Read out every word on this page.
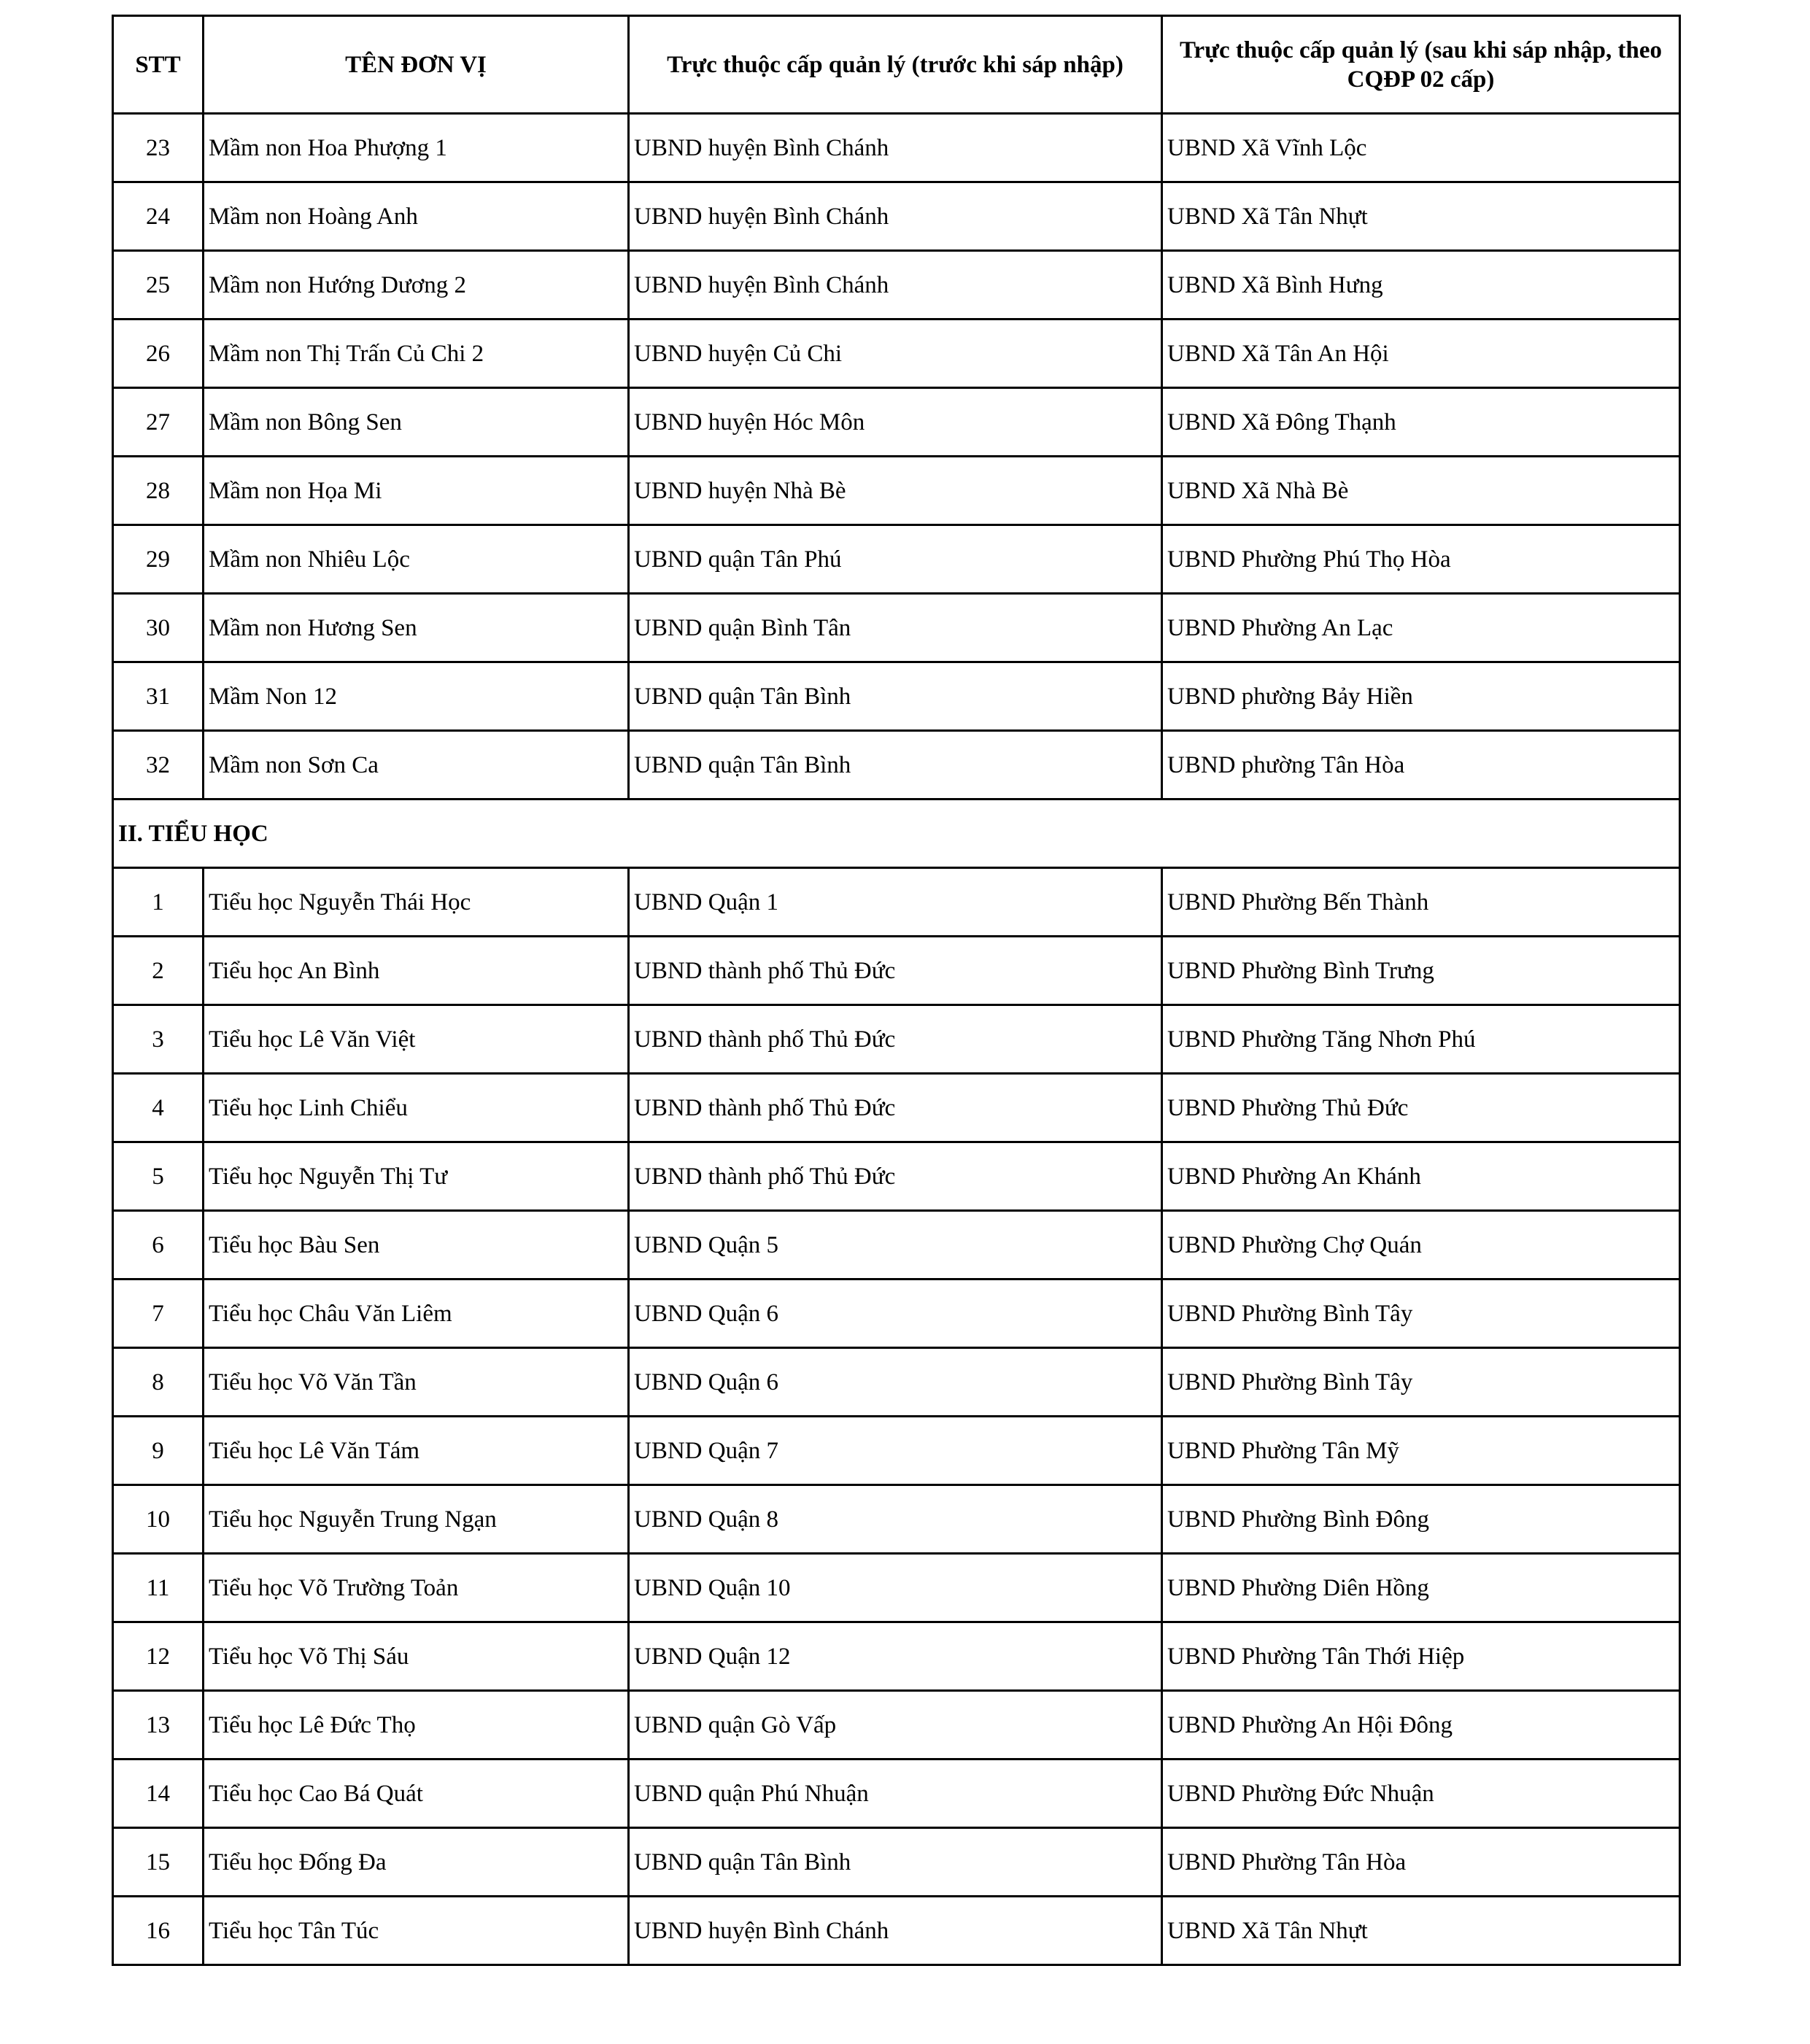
STT	TÊN ĐƠN VỊ	Trực thuộc cấp quản lý (trước khi sáp nhập)	Trực thuộc cấp quản lý (sau khi sáp nhập, theo CQĐP 02 cấp)
23	Mầm non Hoa Phượng 1	UBND huyện Bình Chánh	UBND Xã Vĩnh Lộc
24	Mầm non Hoàng Anh	UBND huyện Bình Chánh	UBND Xã Tân Nhựt
25	Mầm non Hướng Dương 2	UBND huyện Bình Chánh	UBND Xã Bình Hưng
26	Mầm non Thị Trấn Củ Chi 2	UBND huyện Củ Chi	UBND Xã Tân An Hội
27	Mầm non Bông Sen	UBND huyện Hóc Môn	UBND Xã Đông Thạnh
28	Mầm non Họa Mi	UBND huyện Nhà Bè	UBND Xã Nhà Bè
29	Mầm non Nhiêu Lộc	UBND quận Tân Phú	UBND Phường Phú Thọ Hòa
30	Mầm non Hương Sen	UBND quận Bình Tân	UBND Phường An Lạc
31	Mầm Non 12	UBND quận Tân Bình	UBND phường Bảy Hiền
32	Mầm non Sơn Ca	UBND quận Tân Bình	UBND phường Tân Hòa
II. TIỂU HỌC			
1	Tiểu học Nguyễn Thái Học	UBND Quận 1	UBND Phường Bến Thành
2	Tiểu học An Bình	UBND thành phố Thủ Đức	UBND Phường Bình Trưng
3	Tiểu học Lê Văn Việt	UBND thành phố Thủ Đức	UBND Phường Tăng Nhơn Phú
4	Tiểu học Linh Chiểu	UBND thành phố Thủ Đức	UBND Phường Thủ Đức
5	Tiểu học Nguyễn Thị Tư	UBND thành phố Thủ Đức	UBND Phường An Khánh
6	Tiểu học Bàu Sen	UBND Quận 5	UBND Phường Chợ Quán
7	Tiểu học Châu Văn Liêm	UBND Quận 6	UBND Phường Bình Tây
8	Tiểu học Võ Văn Tần	UBND Quận 6	UBND Phường Bình Tây
9	Tiểu học Lê Văn Tám	UBND Quận 7	UBND Phường Tân Mỹ
10	Tiểu học Nguyễn Trung Ngạn	UBND Quận 8	UBND Phường Bình Đông
11	Tiểu học Võ Trường Toản	UBND Quận 10	UBND Phường Diên Hồng
12	Tiểu học Võ Thị Sáu	UBND Quận 12	UBND Phường Tân Thới Hiệp
13	Tiểu học Lê Đức Thọ	UBND quận Gò Vấp	UBND Phường An Hội Đông
14	Tiểu học Cao Bá Quát	UBND quận Phú Nhuận	UBND Phường Đức Nhuận
15	Tiểu học Đống Đa	UBND quận Tân Bình	UBND Phường Tân Hòa
16	Tiểu học Tân Túc	UBND huyện Bình Chánh	UBND Xã Tân Nhựt
